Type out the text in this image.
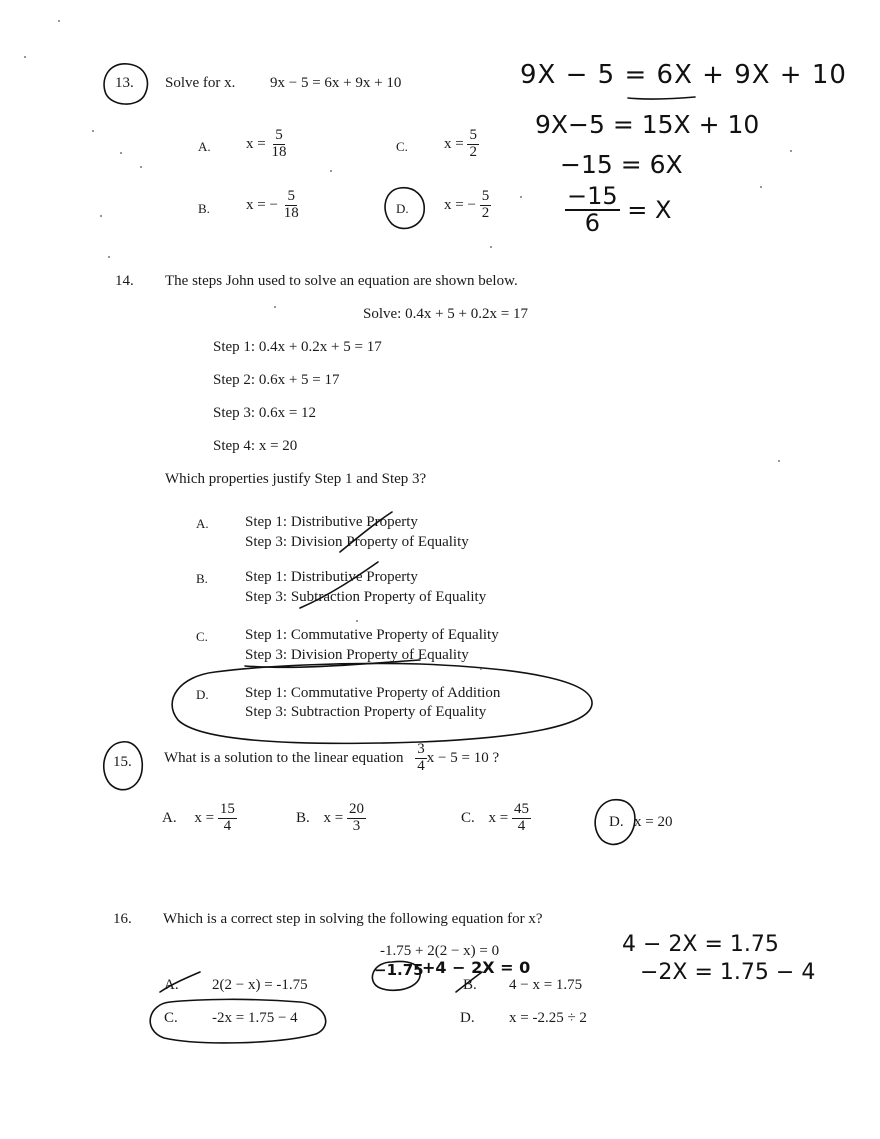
13. Solve for x. 9x − 5 = 6x + 9x + 10
A. $x = \frac{5}{18}$	C. $x = \frac{5}{2}$
B. x = − $\frac{5}{18}$	D. x = − $\frac{5}{2}$
9X − 5 = 6X + 9X + 10
9X−5 = 15X + 10
−15 = 6X
$\frac{-15}{6} = X$
14. The steps John used to solve an equation are shown below.
Solve: 0.4x + 5 + 0.2x = 17
Step 1: 0.4x + 0.2x + 5 = 17
Step 2: 0.6x + 5 = 17
Step 3: 0.6x = 12
Step 4: x = 20
Which properties justify Step 1 and Step 3?
A. Step 1: Distributive Property
Step 3: Division Property of Equality
B. Step 1: Distributive Property
Step 3: Subtraction Property of Equality
C. Step 1: Commutative Property of Equality
Step 3: Division Property of Equality
D. Step 1: Commutative Property of Addition
Step 3: Subtraction Property of Equality
15. What is a solution to the linear equation $\frac{3}{4}$ x − 5 = 10 ?
A. $x = \frac{15}{4}$	B. $x = \frac{20}{3}$	C. $x = \frac{45}{4}$	D. x = 20
16. Which is a correct step in solving the following equation for x?
-1.75 + 2(2 − x) = 0
−1.75
+4 − 2X = 0
A. 2(2 − x) = -1.75	B. 4 − x = 1.75
C. -2x = 1.75 − 4	D. x = -2.25 ÷ 2
4 − 2X = 1.75
−2X = 1.75 − 4
